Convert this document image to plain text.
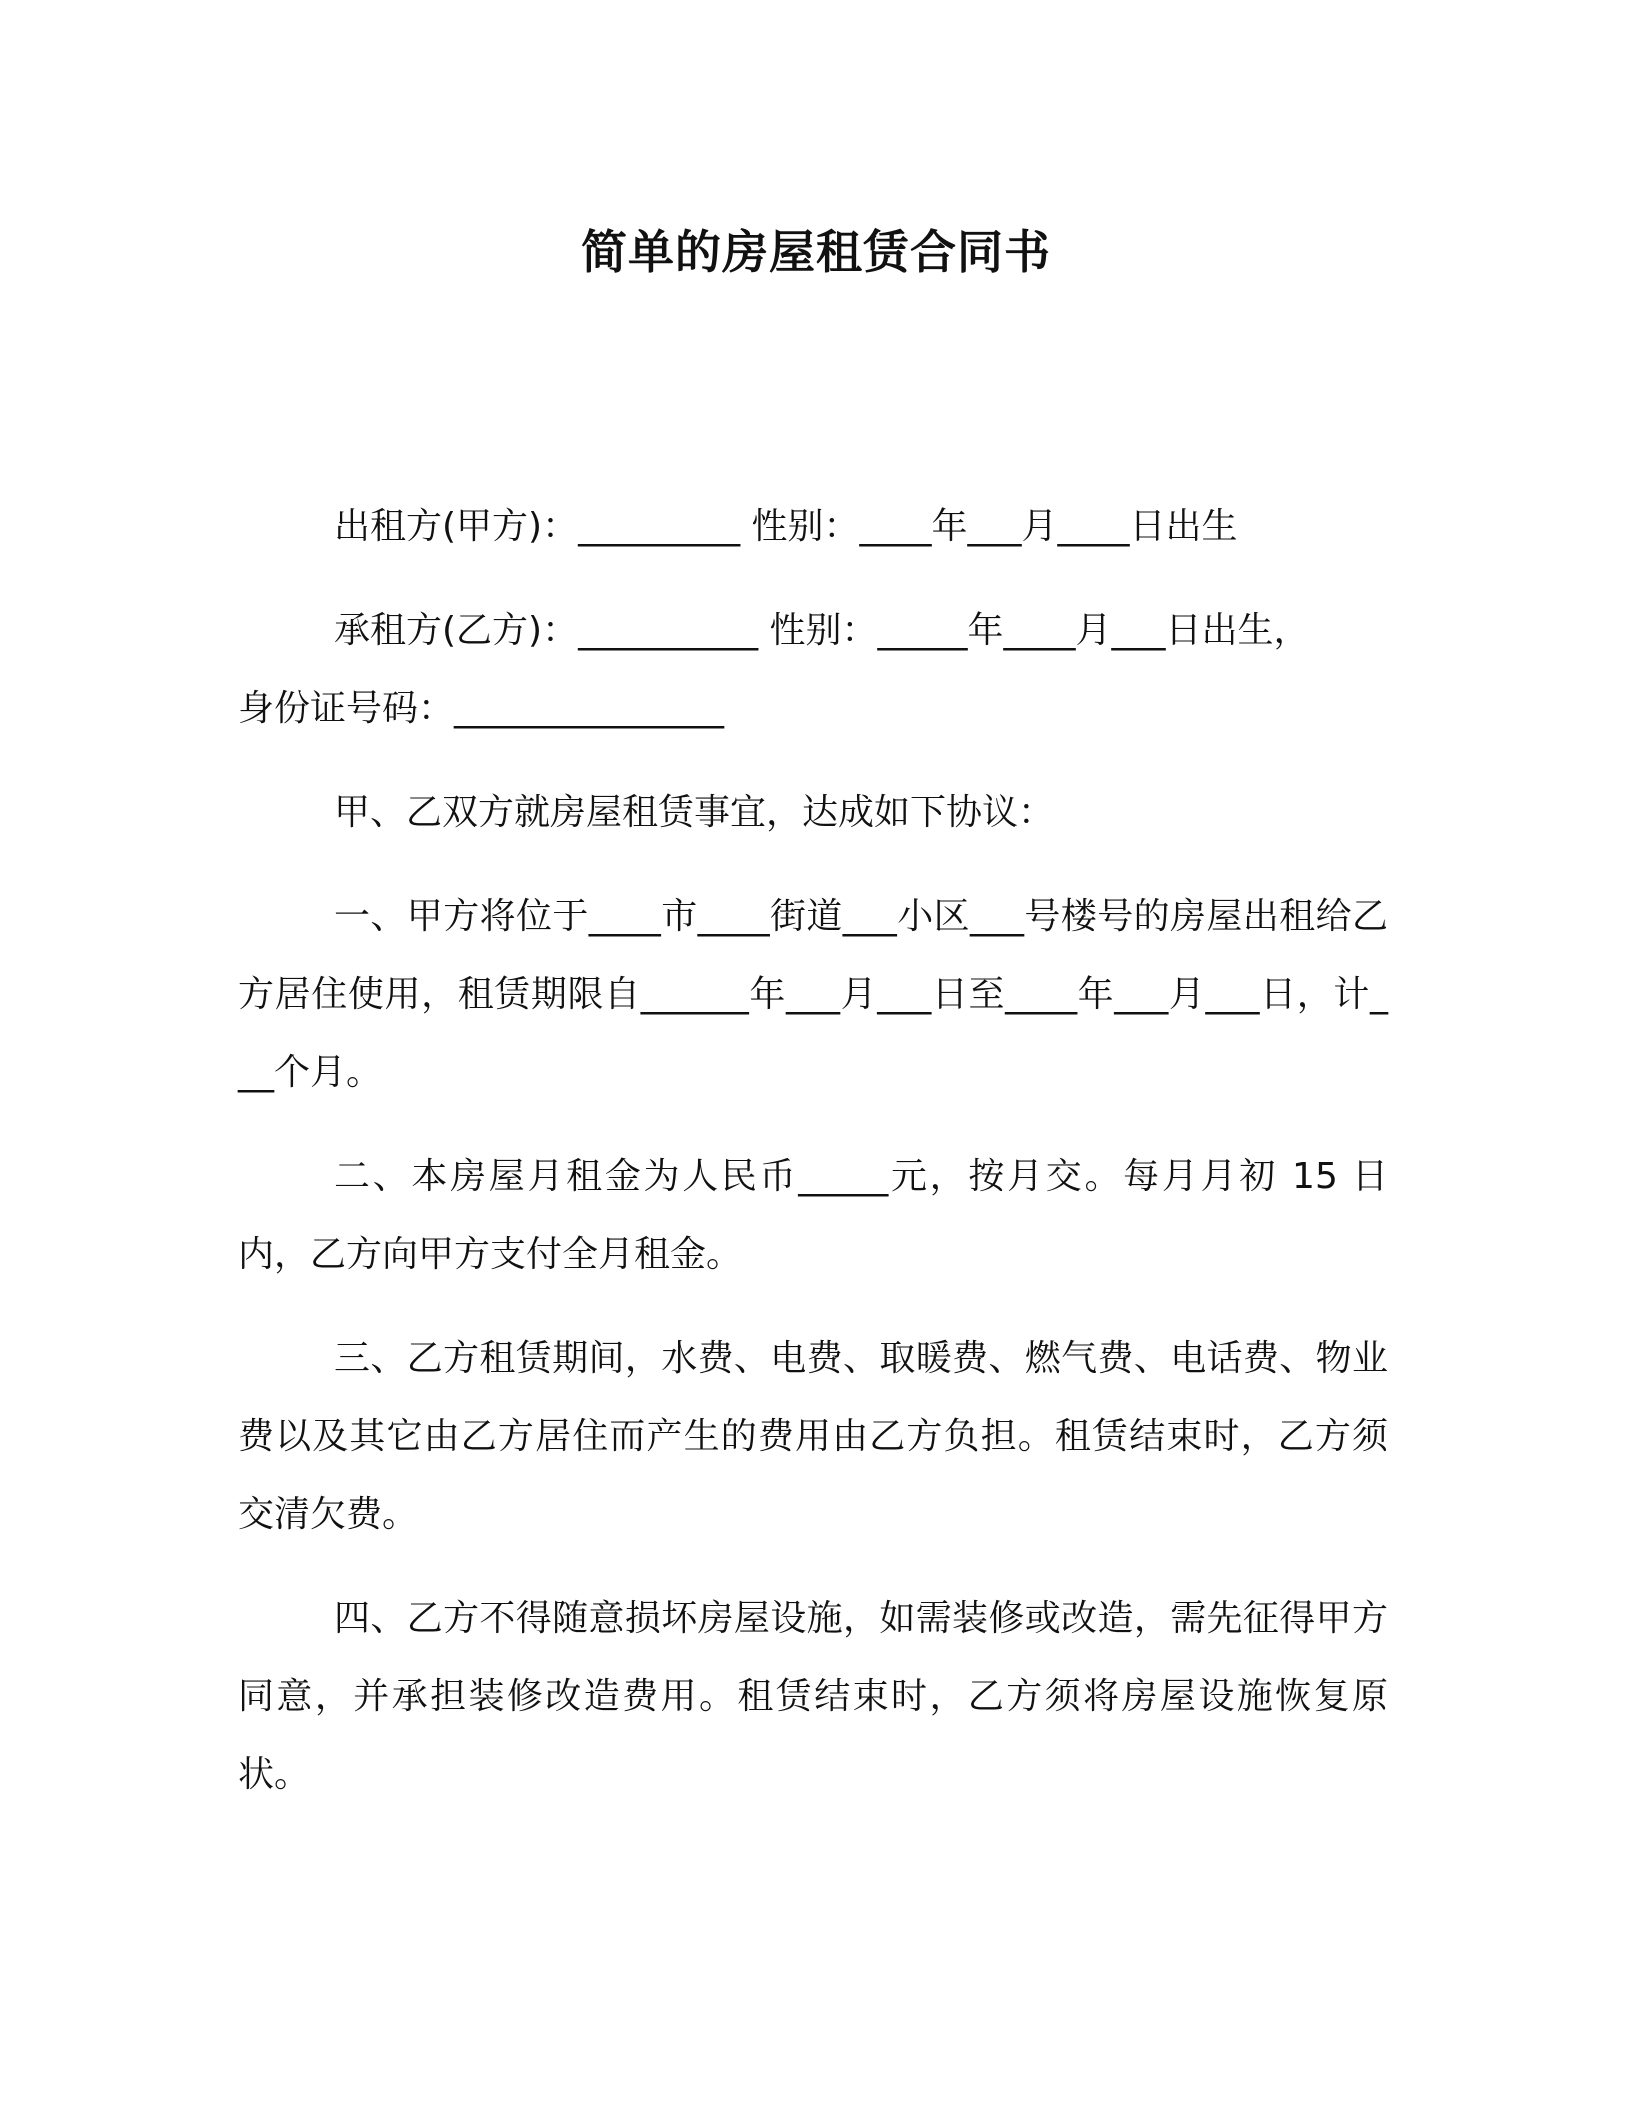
简单的房屋租赁合同书

出租方(甲方)：_________ 性别：____年___月____日出生

承租方(乙方)：__________ 性别：_____年____月___日出生，
身份证号码：_______________

甲、乙双方就房屋租赁事宜，达成如下协议：

一、甲方将位于____市____街道___小区___号楼号的房屋出租给乙方居住使用，租赁期限自______年___月___日至____年___月___日，计___个月。

二、本房屋月租金为人民币_____元，按月交。每月月初 15 日内，乙方向甲方支付全月租金。

三、乙方租赁期间，水费、电费、取暖费、燃气费、电话费、物业费以及其它由乙方居住而产生的费用由乙方负担。租赁结束时，乙方须交清欠费。

四、乙方不得随意损坏房屋设施，如需装修或改造，需先征得甲方同意，并承担装修改造费用。租赁结束时，乙方须将房屋设施恢复原状。
